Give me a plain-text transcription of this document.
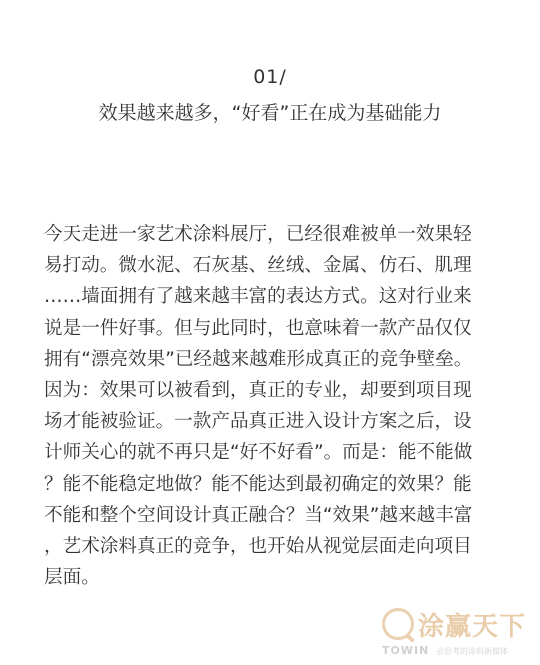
01/
效果越来越多，“好看”正在成为基础能力
今天走进一家艺术涂料展厅，已经很难被单一效果轻
易打动。微水泥、石灰基、丝绒、金属、仿石、肌理
……墙面拥有了越来越丰富的表达方式。这对行业来
说是一件好事。但与此同时，也意味着一款产品仅仅
拥有“漂亮效果”已经越来越难形成真正的竞争壁垒。
因为：效果可以被看到，真正的专业，却要到项目现
场才能被验证。一款产品真正进入设计方案之后，设
计师关心的就不再只是“好不好看”。而是：能不能做
？能不能稳定地做？能不能达到最初确定的效果？能
不能和整个空间设计真正融合？当“效果”越来越丰富
，艺术涂料真正的竞争，也开始从视觉层面走向项目
层面。
涂赢天下
TOWIN 会思考的涂料新媒体
